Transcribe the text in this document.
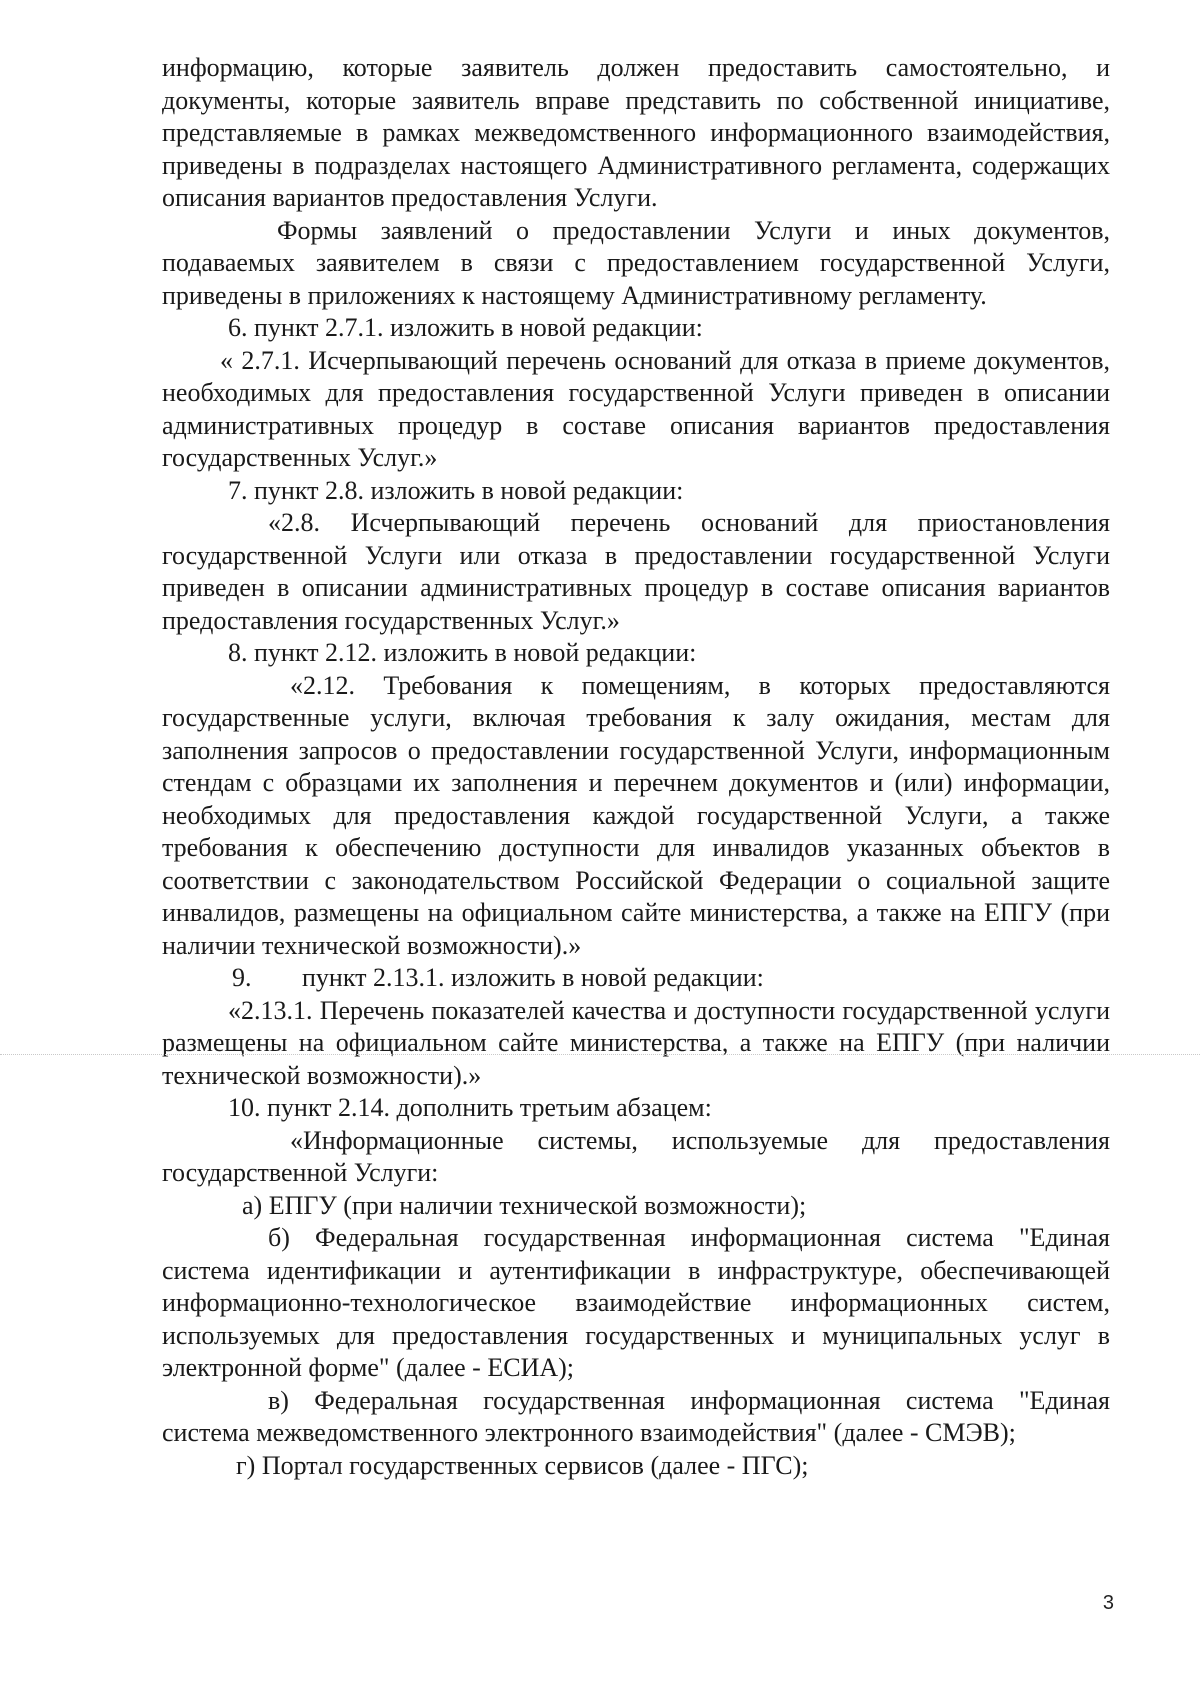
информацию, которые заявитель должен предоставить самостоятельно, и документы, которые заявитель вправе представить по собственной инициативе, представляемые в рамках межведомственного информационного взаимодействия, приведены в подразделах настоящего Административного регламента, содержащих описания вариантов предоставления Услуги.

Формы заявлений о предоставлении Услуги и иных документов, подаваемых заявителем в связи с предоставлением государственной Услуги, приведены в приложениях к настоящему Административному регламенту.

6. пункт 2.7.1. изложить в новой редакции:

« 2.7.1. Исчерпывающий перечень оснований для отказа в приеме документов, необходимых для предоставления государственной Услуги приведен в описании административных процедур в составе описания вариантов предоставления государственных Услуг.»

7. пункт 2.8. изложить в новой редакции:

«2.8. Исчерпывающий перечень оснований для приостановления государственной Услуги или отказа в предоставлении государственной Услуги приведен в описании административных процедур в составе описания вариантов предоставления государственных Услуг.»

8. пункт 2.12. изложить в новой редакции:

«2.12. Требования к помещениям, в которых предоставляются государственные услуги, включая требования к залу ожидания, местам для заполнения запросов о предоставлении государственной Услуги, информационным стендам с образцами их заполнения и перечнем документов и (или) информации, необходимых для предоставления каждой государственной Услуги, а также требования к обеспечению доступности для инвалидов указанных объектов в соответствии с законодательством Российской Федерации о социальной защите инвалидов, размещены на официальном сайте министерства, а также на ЕПГУ (при наличии технической возможности).»

9. пункт 2.13.1. изложить в новой редакции:

«2.13.1. Перечень показателей качества и доступности государственной услуги размещены на официальном сайте министерства, а также на ЕПГУ (при наличии технической возможности).»

10. пункт 2.14. дополнить третьим абзацем:

«Информационные системы, используемые для предоставления государственной Услуги:

а) ЕПГУ (при наличии технической возможности);

б) Федеральная государственная информационная система "Единая система идентификации и аутентификации в инфраструктуре, обеспечивающей информационно-технологическое взаимодействие информационных систем, используемых для предоставления государственных и муниципальных услуг в электронной форме" (далее - ЕСИА);

в) Федеральная государственная информационная система "Единая система межведомственного электронного взаимодействия" (далее - СМЭВ);

г) Портал государственных сервисов (далее - ПГС);

3
